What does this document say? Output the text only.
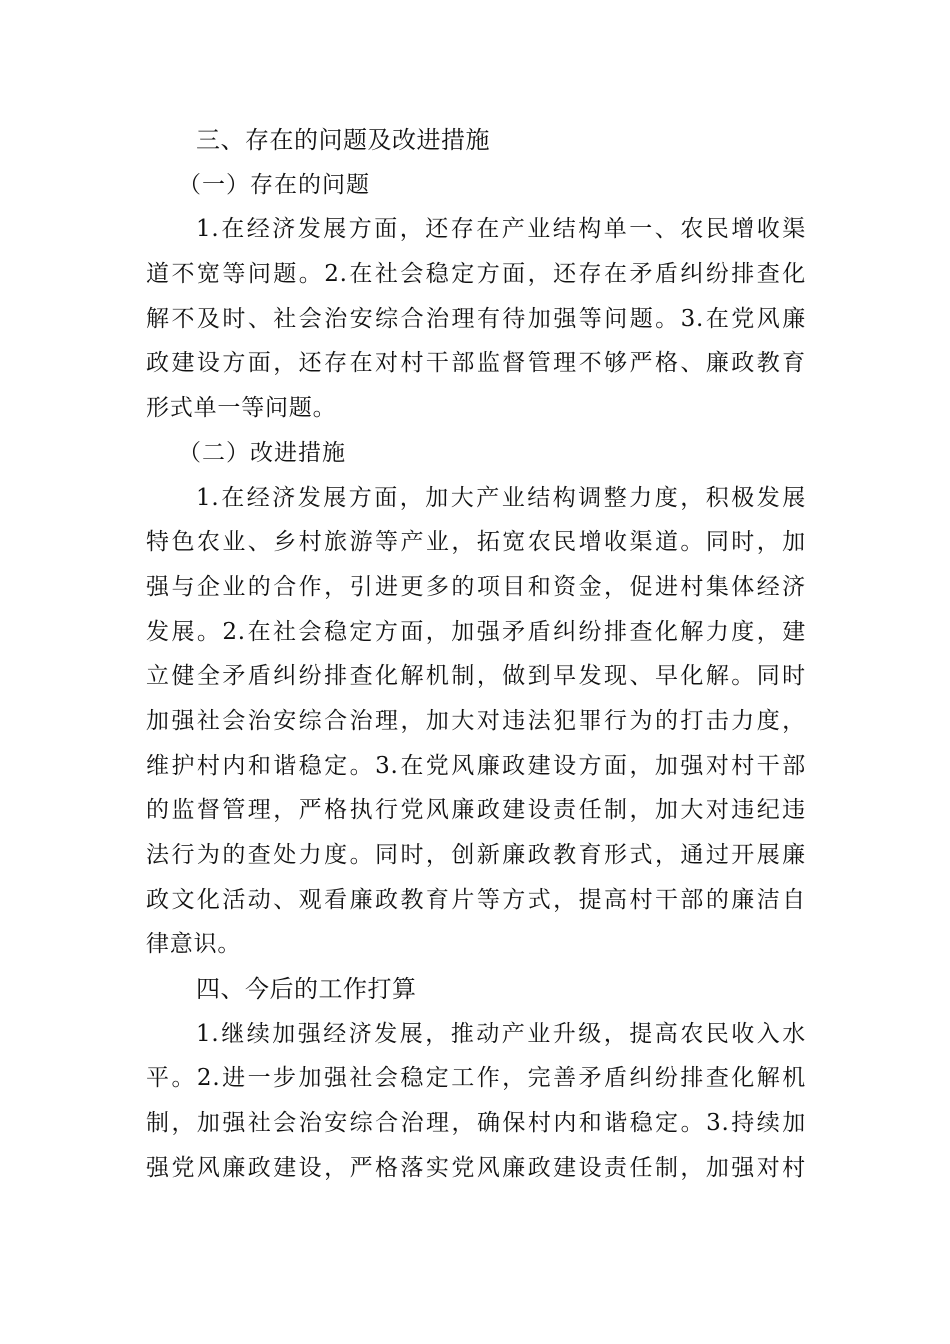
三、存在的问题及改进措施
（一）存在的问题
1.在经济发展方面，还存在产业结构单一、农民增收渠
道不宽等问题。2.在社会稳定方面，还存在矛盾纠纷排查化
解不及时、社会治安综合治理有待加强等问题。3.在党风廉
政建设方面，还存在对村干部监督管理不够严格、廉政教育
形式单一等问题。
（二）改进措施
1.在经济发展方面，加大产业结构调整力度，积极发展
特色农业、乡村旅游等产业，拓宽农民增收渠道。同时，加
强与企业的合作，引进更多的项目和资金，促进村集体经济
发展。2.在社会稳定方面，加强矛盾纠纷排查化解力度，建
立健全矛盾纠纷排查化解机制，做到早发现、早化解。同时
加强社会治安综合治理，加大对违法犯罪行为的打击力度，
维护村内和谐稳定。3.在党风廉政建设方面，加强对村干部
的监督管理，严格执行党风廉政建设责任制，加大对违纪违
法行为的查处力度。同时，创新廉政教育形式，通过开展廉
政文化活动、观看廉政教育片等方式，提高村干部的廉洁自
律意识。
四、今后的工作打算
1.继续加强经济发展，推动产业升级，提高农民收入水
平。2.进一步加强社会稳定工作，完善矛盾纠纷排查化解机
制，加强社会治安综合治理，确保村内和谐稳定。3.持续加
强党风廉政建设，严格落实党风廉政建设责任制，加强对村
